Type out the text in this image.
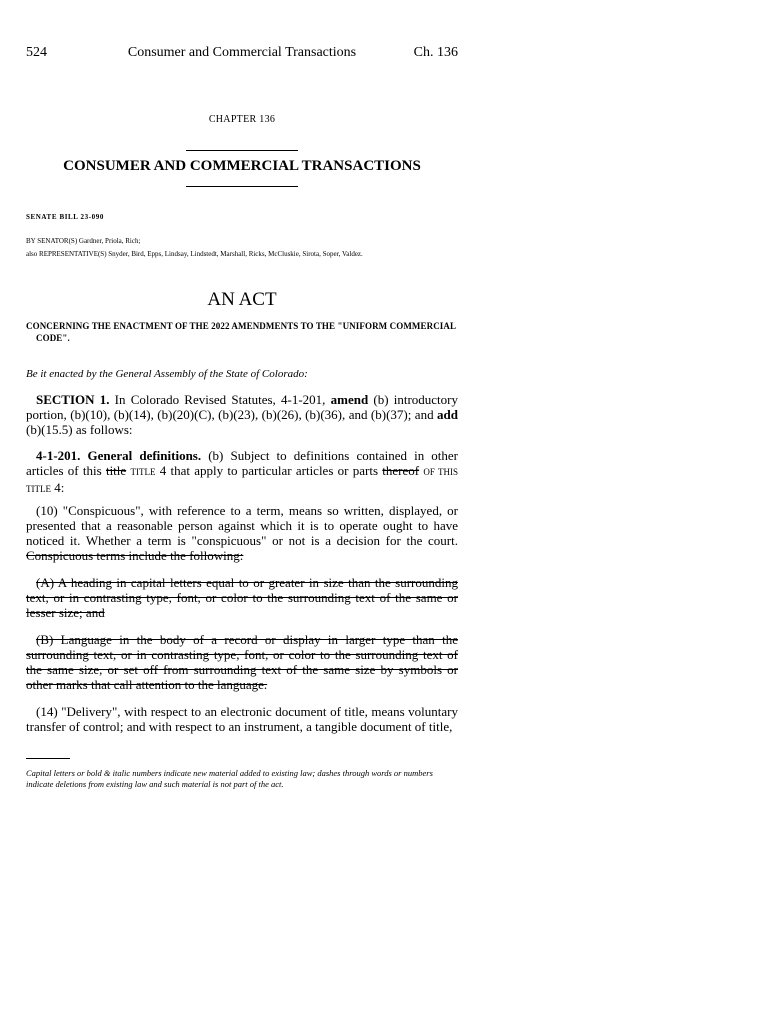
524	Consumer and Commercial Transactions	Ch. 136
CHAPTER 136
CONSUMER AND COMMERCIAL TRANSACTIONS
SENATE BILL 23-090
BY SENATOR(S) Gardner, Priola, Rich;
also REPRESENTATIVE(S) Snyder, Bird, Epps, Lindsay, Lindstedt, Marshall, Ricks, McCluskie, Sirota, Soper, Valdez.
AN ACT
CONCERNING THE ENACTMENT OF THE 2022 AMENDMENTS TO THE "UNIFORM COMMERCIAL
CODE".
Be it enacted by the General Assembly of the State of Colorado:

SECTION 1. In Colorado Revised Statutes, 4-1-201, amend (b) introductory portion, (b)(10), (b)(14), (b)(20)(C), (b)(23), (b)(26), (b)(36), and (b)(37); and add (b)(15.5) as follows:

4-1-201. General definitions. (b) Subject to definitions contained in other articles of this title TITLE 4 that apply to particular articles or parts thereof OF THIS TITLE 4:

(10) "Conspicuous", with reference to a term, means so written, displayed, or presented that a reasonable person against which it is to operate ought to have noticed it. Whether a term is "conspicuous" or not is a decision for the court. Conspicuous terms include the following:

(A) A heading in capital letters equal to or greater in size than the surrounding text, or in contrasting type, font, or color to the surrounding text of the same or lesser size; and

(B) Language in the body of a record or display in larger type than the surrounding text, or in contrasting type, font, or color to the surrounding text of the same size, or set off from surrounding text of the same size by symbols or other marks that call attention to the language.

(14) "Delivery", with respect to an electronic document of title, means voluntary transfer of control; and with respect to an instrument, a tangible document of title,

Capital letters or bold & italic numbers indicate new material added to existing law; dashes through words or numbers indicate deletions from existing law and such material is not part of the act.
